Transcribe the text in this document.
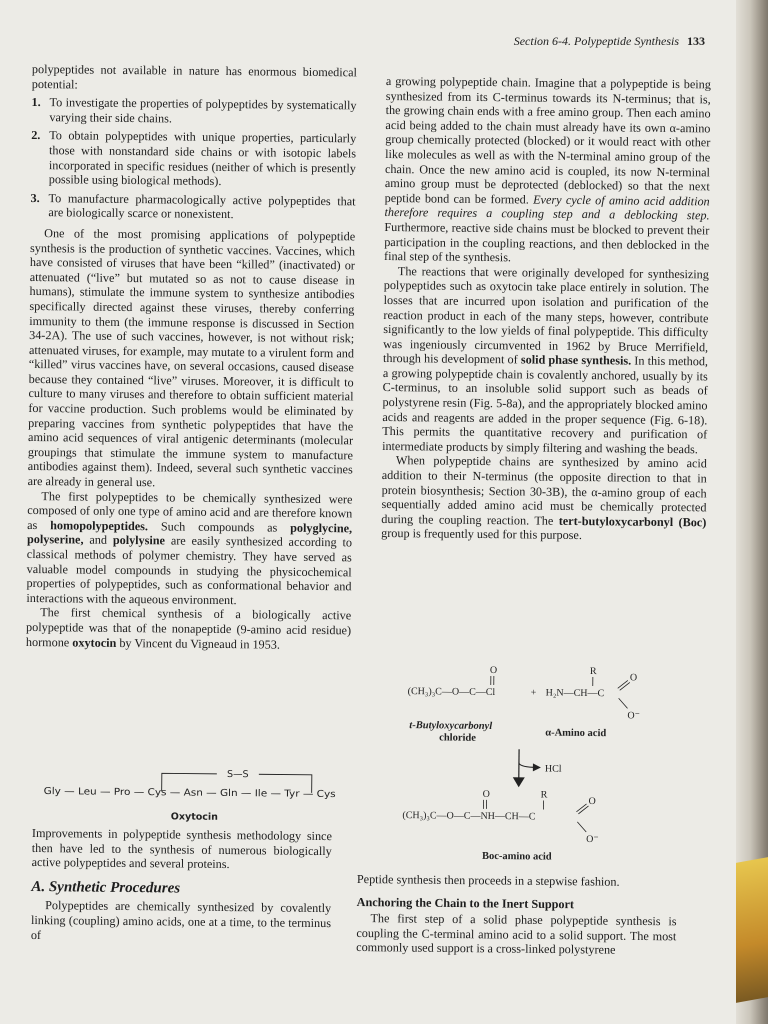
Section 6-4. Polypeptide Synthesis 133

polypeptides not available in nature has enormous biomedical potential:

1. To investigate the properties of polypeptides by systematically varying their side chains.
2. To obtain polypeptides with unique properties, particularly those with nonstandard side chains or with isotopic labels incorporated in specific residues (neither of which is presently possible using biological methods).
3. To manufacture pharmacologically active polypeptides that are biologically scarce or nonexistent.

One of the most promising applications of polypeptide synthesis is the production of synthetic vaccines. Vaccines, which have consisted of viruses that have been “killed” (inactivated) or attenuated (“live” but mutated so as not to cause disease in humans), stimulate the immune system to synthesize antibodies specifically directed against these viruses, thereby conferring immunity to them (the immune response is discussed in Section 34-2A). The use of such vaccines, however, is not without risk; attenuated viruses, for example, may mutate to a virulent form and “killed” virus vaccines have, on several occasions, caused disease because they contained “live” viruses. Moreover, it is difficult to culture to many viruses and therefore to obtain sufficient material for vaccine production. Such problems would be eliminated by preparing vaccines from synthetic polypeptides that have the amino acid sequences of viral antigenic determinants (molecular groupings that stimulate the immune system to manufacture antibodies against them). Indeed, several such synthetic vaccines are already in general use.

The first polypeptides to be chemically synthesized were composed of only one type of amino acid and are therefore known as homopolypeptides. Such compounds as polyglycine, polyserine, and polylysine are easily synthesized according to classical methods of polymer chemistry. They have served as valuable model compounds in studying the physicochemical properties of polypeptides, such as conformational behavior and interactions with the aqueous environment.

The first chemical synthesis of a biologically active polypeptide was that of the nonapeptide (9-amino acid residue) hormone oxytocin by Vincent du Vigneaud in 1953.

S—S
Gly — Leu — Pro — Cys — Asn — Gln — Ile — Tyr — Cys
Oxytocin

Improvements in polypeptide synthesis methodology since then have led to the synthesis of numerous biologically active polypeptides and several proteins.

A. Synthetic Procedures

Polypeptides are chemically synthesized by covalently linking (coupling) amino acids, one at a time, to the terminus of

a growing polypeptide chain. Imagine that a polypeptide is being synthesized from its C-terminus towards its N-terminus; that is, the growing chain ends with a free amino group. Then each amino acid being added to the chain must already have its own α-amino group chemically protected (blocked) or it would react with other like molecules as well as with the N-terminal amino group of the chain. Once the new amino acid is coupled, its now N-terminal amino group must be deprotected (deblocked) so that the next peptide bond can be formed. Every cycle of amino acid addition therefore requires a coupling step and a deblocking step. Furthermore, reactive side chains must be blocked to prevent their participation in the coupling reactions, and then deblocked in the final step of the synthesis.

The reactions that were originally developed for synthesizing polypeptides such as oxytocin take place entirely in solution. The losses that are incurred upon isolation and purification of the reaction product in each of the many steps, however, contribute significantly to the low yields of final polypeptide. This difficulty was ingeniously circumvented in 1962 by Bruce Merrifield, through his development of solid phase synthesis. In this method, a growing polypeptide chain is covalently anchored, usually by its C-terminus, to an insoluble solid support such as beads of polystyrene resin (Fig. 5-8a), and the appropriately blocked amino acids and reagents are added in the proper sequence (Fig. 6-18). This permits the quantitative recovery and purification of intermediate products by simply filtering and washing the beads.

When polypeptide chains are synthesized by amino acid addition to their N-terminus (the opposite direction to that in protein biosynthesis; Section 30-3B), the α-amino group of each sequentially added amino acid must be chemically protected during the coupling reaction. The tert-butyloxycarbonyl (Boc) group is frequently used for this purpose.

O
(CH₃)₃C—O—C—Cl	+
R
H₂N—CH—C
O
O⁻
t-Butyloxycarbonyl
chloride	α-Amino acid
HCl
O	R
(CH₃)₃C—O—C—NH—CH—C
O
O⁻
Boc-amino acid

Peptide synthesis then proceeds in a stepwise fashion.

Anchoring the Chain to the Inert Support

The first step of a solid phase polypeptide synthesis is coupling the C-terminal amino acid to a solid support. The most commonly used support is a cross-linked polystyrene
